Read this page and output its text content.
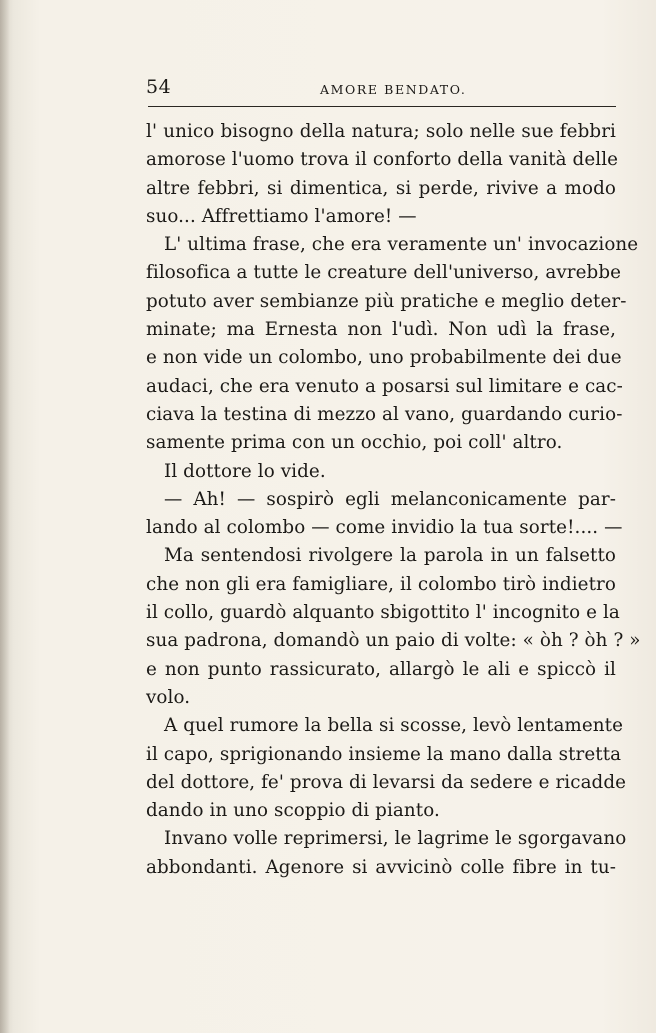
54	AMORE BENDATO.
l' unico bisogno della natura; solo nelle sue febbri
amorose l'uomo trova il conforto della vanità delle
altre febbri, si dimentica, si perde, rivive a modo
suo... Affrettiamo l'amore! —
L' ultima frase, che era veramente un' invocazione
filosofica a tutte le creature dell'universo, avrebbe
potuto aver sembianze più pratiche e meglio deter-
minate; ma Ernesta non l'udì. Non udì la frase,
e non vide un colombo, uno probabilmente dei due
audaci, che era venuto a posarsi sul limitare e cac-
ciava la testina di mezzo al vano, guardando curio-
samente prima con un occhio, poi coll' altro.
Il dottore lo vide.
— Ah! — sospirò egli melanconicamente par-
lando al colombo — come invidio la tua sorte!.... —
Ma sentendosi rivolgere la parola in un falsetto
che non gli era famigliare, il colombo tirò indietro
il collo, guardò alquanto sbigottito l' incognito e la
sua padrona, domandò un paio di volte: « òh ? òh ? »
e non punto rassicurato, allargò le ali e spiccò il
volo.
A quel rumore la bella si scosse, levò lentamente
il capo, sprigionando insieme la mano dalla stretta
del dottore, fe' prova di levarsi da sedere e ricadde
dando in uno scoppio di pianto.
Invano volle reprimersi, le lagrime le sgorgavano
abbondanti. Agenore si avvicinò colle fibre in tu-
